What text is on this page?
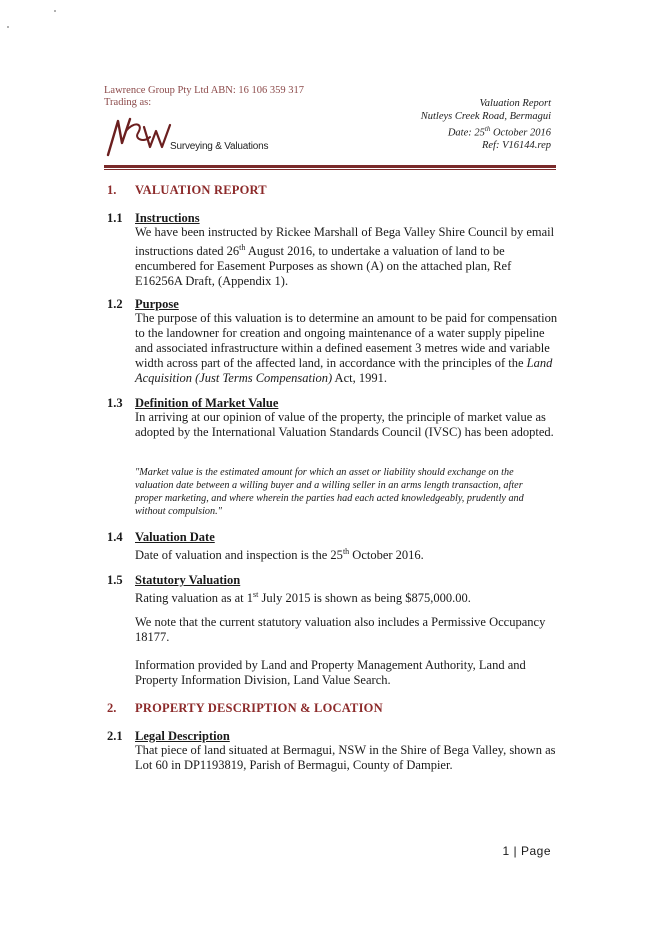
Lawrence Group Pty Ltd ABN: 16 106 359 317
Trading as:
Surveying & Valuations
Valuation Report
Nutleys Creek Road, Bermagui
Date: 25th October 2016
Ref: V16144.rep
1. VALUATION REPORT
1.1 Instructions
We have been instructed by Rickee Marshall of Bega Valley Shire Council by email instructions dated 26th August 2016, to undertake a valuation of land to be encumbered for Easement Purposes as shown (A) on the attached plan, Ref E16256A Draft, (Appendix 1).
1.2 Purpose
The purpose of this valuation is to determine an amount to be paid for compensation to the landowner for creation and ongoing maintenance of a water supply pipeline and associated infrastructure within a defined easement 3 metres wide and variable width across part of the affected land, in accordance with the principles of the Land Acquisition (Just Terms Compensation) Act, 1991.
1.3 Definition of Market Value
In arriving at our opinion of value of the property, the principle of market value as adopted by the International Valuation Standards Council (IVSC) has been adopted.
"Market value is the estimated amount for which an asset or liability should exchange on the valuation date between a willing buyer and a willing seller in an arms length transaction, after proper marketing, and where wherein the parties had each acted knowledgeably, prudently and without compulsion."
1.4 Valuation Date
Date of valuation and inspection is the 25th October 2016.
1.5 Statutory Valuation
Rating valuation as at 1st July 2015 is shown as being $875,000.00.
We note that the current statutory valuation also includes a Permissive Occupancy 18177.
Information provided by Land and Property Management Authority, Land and Property Information Division, Land Value Search.
2. PROPERTY DESCRIPTION & LOCATION
2.1 Legal Description
That piece of land situated at Bermagui, NSW in the Shire of Bega Valley, shown as Lot 60 in DP1193819, Parish of Bermagui, County of Dampier.
1 | Page
